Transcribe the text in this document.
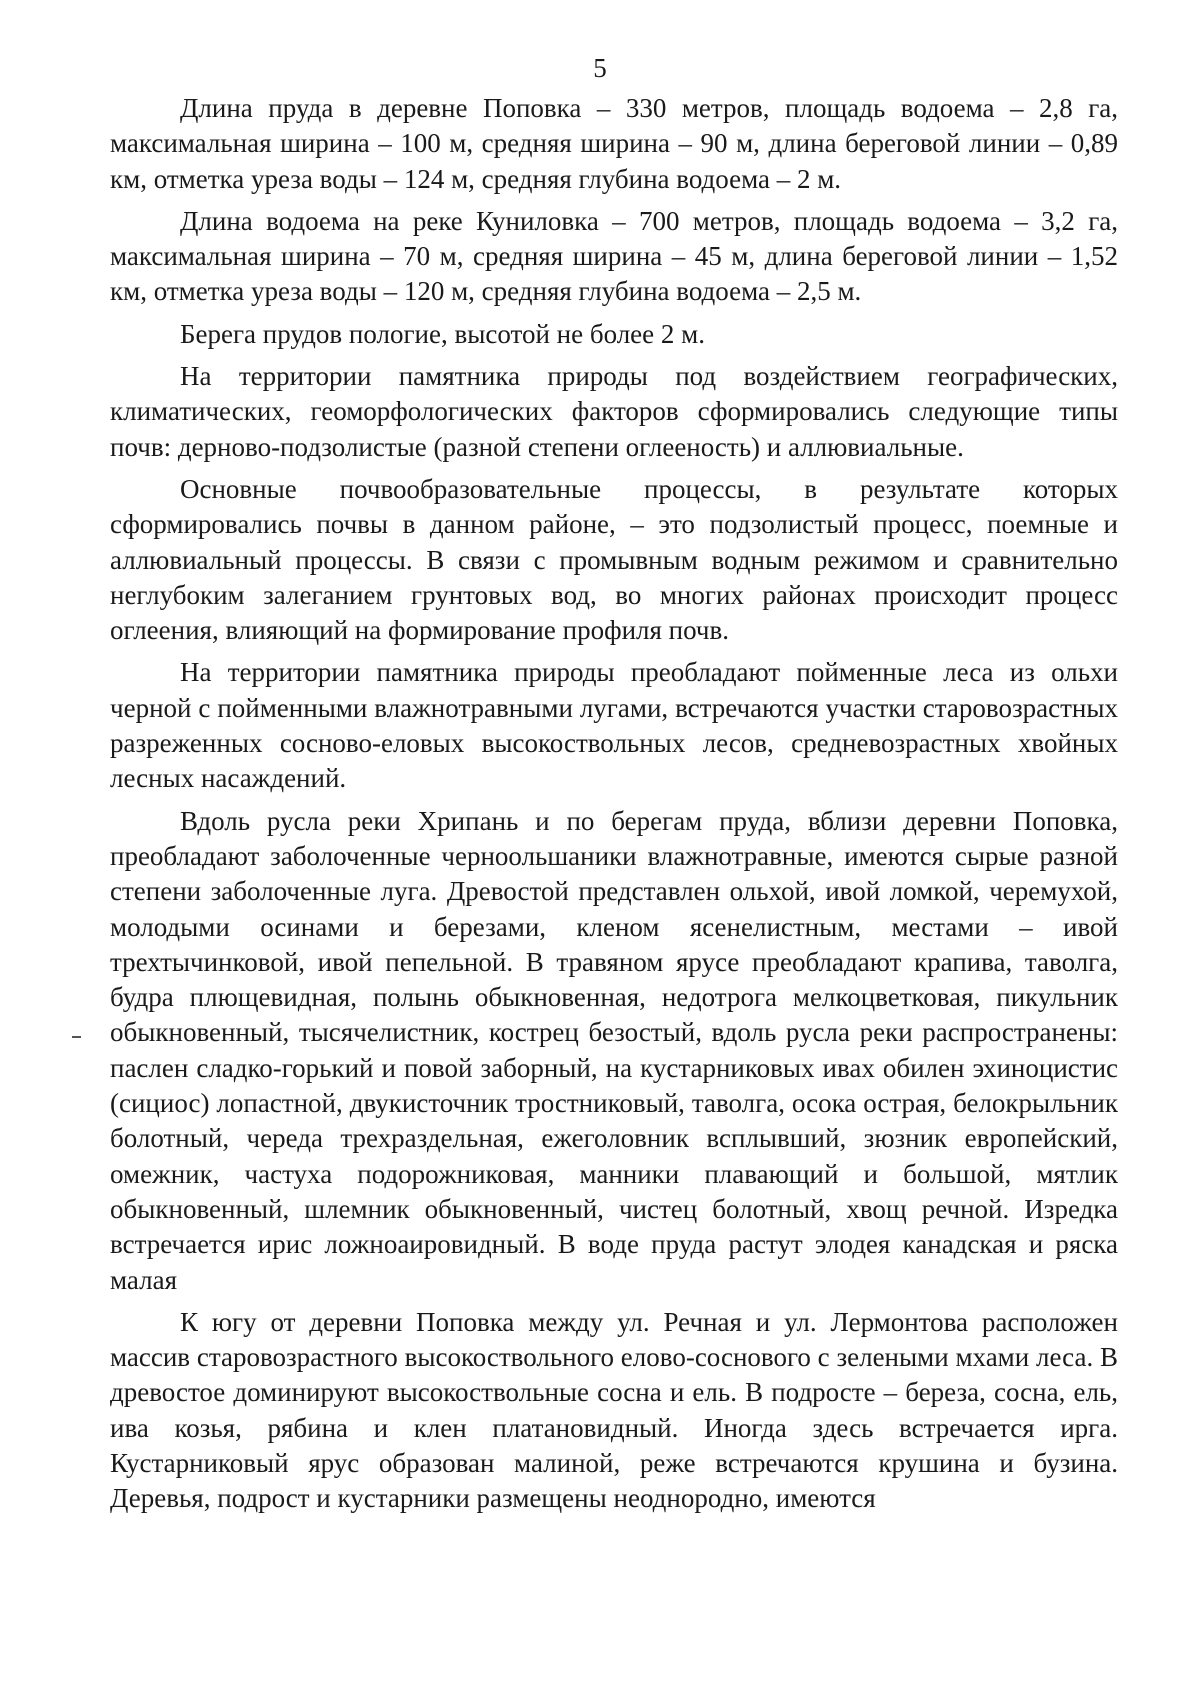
5

Длина пруда в деревне Поповка – 330 метров, площадь водоема – 2,8 га, максимальная ширина – 100 м, средняя ширина – 90 м, длина береговой линии – 0,89 км, отметка уреза воды – 124 м, средняя глубина водоема – 2 м.

Длина водоема на реке Куниловка – 700 метров, площадь водоема – 3,2 га, максимальная ширина – 70 м, средняя ширина – 45 м, длина береговой линии – 1,52 км, отметка уреза воды – 120 м, средняя глубина водоема – 2,5 м.

Берега прудов пологие, высотой не более 2 м.

На территории памятника природы под воздействием географических, климатических, геоморфологических факторов сформировались следующие типы почв: дерново-подзолистые (разной степени оглееность) и аллювиальные.

Основные почвообразовательные процессы, в результате которых сформировались почвы в данном районе, – это подзолистый процесс, поемные и аллювиальный процессы. В связи с промывным водным режимом и сравнительно неглубоким залеганием грунтовых вод, во многих районах происходит процесс оглеения, влияющий на формирование профиля почв.

На территории памятника природы преобладают пойменные леса из ольхи черной с пойменными влажнотравными лугами, встречаются участки старовозрастных разреженных сосново-еловых высокоствольных лесов, средневозрастных хвойных лесных насаждений.

Вдоль русла реки Хрипань и по берегам пруда, вблизи деревни Поповка, преобладают заболоченные черноольшаники влажнотравные, имеются сырые разной степени заболоченные луга. Древостой представлен ольхой, ивой ломкой, черемухой, молодыми осинами и березами, кленом ясенелистным, местами – ивой трехтычинковой, ивой пепельной. В травяном ярусе преобладают крапива, таволга, будра плющевидная, полынь обыкновенная, недотрога мелкоцветковая, пикульник обыкновенный, тысячелистник, кострец безостый, вдоль русла реки распространены: паслен сладко-горький и повой заборный, на кустарниковых ивах обилен эхиноцистис (сициос) лопастной, двукисточник тростниковый, таволга, осока острая, белокрыльник болотный, череда трехраздельная, ежеголовник всплывший, зюзник европейский, омежник, частуха подорожниковая, манники плавающий и большой, мятлик обыкновенный, шлемник обыкновенный, чистец болотный, хвощ речной. Изредка встречается ирис ложноаировидный. В воде пруда растут элодея канадская и ряска малая

К югу от деревни Поповка между ул. Речная и ул. Лермонтова расположен массив старовозрастного высокоствольного елово-соснового с зелеными мхами леса. В древостое доминируют высокоствольные сосна и ель. В подросте – береза, сосна, ель, ива козья, рябина и клен платановидный. Иногда здесь встречается ирга. Кустарниковый ярус образован малиной, реже встречаются крушина и бузина. Деревья, подрост и кустарники размещены неоднородно, имеются
